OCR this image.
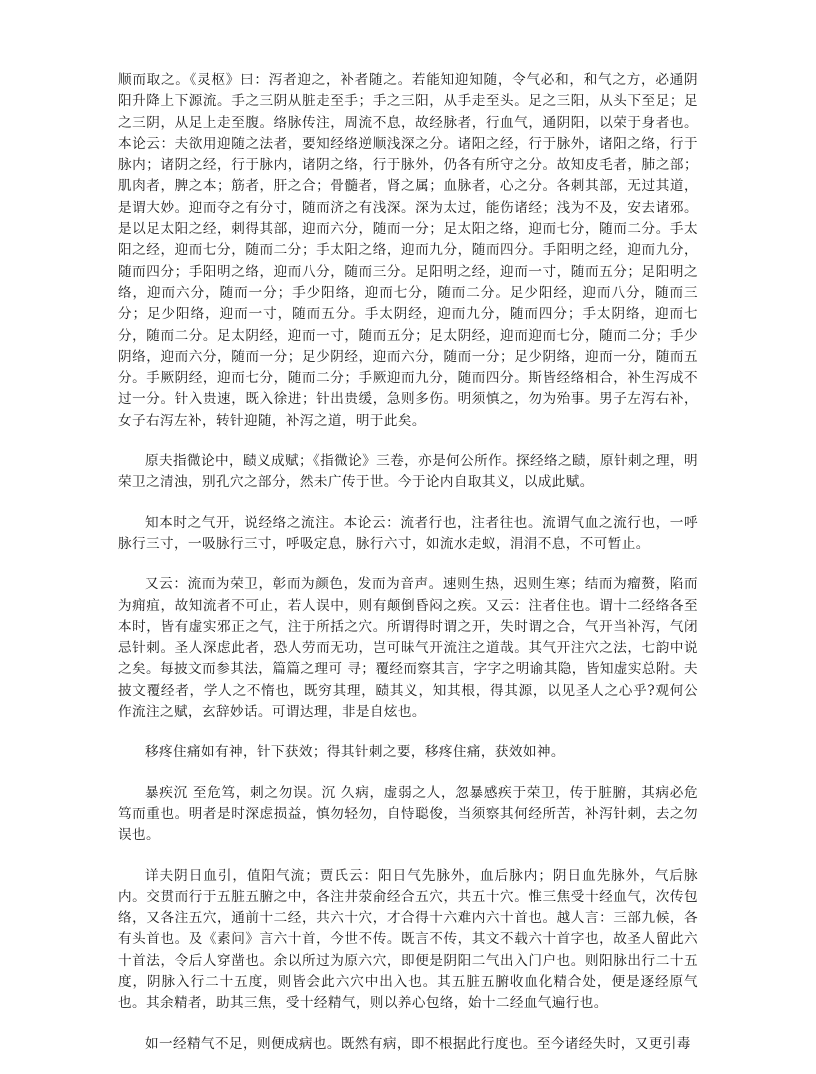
顺而取之。《灵枢》曰：泻者迎之，补者随之。若能知迎知随，令气必和，和气之方，必通阴阳升降上下源流。手之三阴从脏走至手；手之三阳，从手走至头。足之三阳，从头下至足；足之三阴，从足上走至腹。络脉传注，周流不息，故经脉者，行血气，通阴阳，以荣于身者也。本论云：夫欲用迎随之法者，要知经络逆顺浅深之分。诸阳之经，行于脉外，诸阳之络，行于脉内；诸阴之经，行于脉内，诸阴之络，行于脉外，仍各有所守之分。故知皮毛者，肺之部；肌肉者，脾之本；筋者，肝之合；骨髓者，肾之属；血脉者，心之分。各刺其部，无过其道，是谓大妙。迎而夺之有分寸，随而济之有浅深。深为太过，能伤诸经；浅为不及，安去诸邪。是以足太阳之经，刺得其部，迎而六分，随而一分；足太阳之络，迎而七分，随而二分。手太阳之经，迎而七分，随而二分；手太阳之络，迎而九分，随而四分。手阳明之经，迎而九分，随而四分；手阳明之络，迎而八分，随而三分。足阳明之经，迎而一寸，随而五分；足阳明之络，迎而六分，随而一分；手少阳络，迎而七分，随而二分。足少阳经，迎而八分，随而三分；足少阳络，迎而一寸，随而五分。手太阴经，迎而九分，随而四分；手太阴络，迎而七分，随而二分。足太阴经，迎而一寸，随而五分；足太阴经，迎而迎而七分，随而二分；手少阴络，迎而六分，随而一分；足少阴经，迎而六分，随而一分；足少阴络，迎而一分，随而五分。手厥阴经，迎而七分，随而二分；手厥迎而九分，随而四分。斯皆经络相合，补生泻成不过一分。针入贵速，既入徐进；针出贵缓，急则多伤。明须慎之，勿为殆事。男子左泻右补，女子右泻左补，转针迎随，补泻之道，明于此矣。

原夫指微论中，赜义成赋；《指微论》三卷，亦是何公所作。探经络之赜，原针刺之理，明荣卫之清浊，别孔穴之部分，然未广传于世。今于论内自取其义，以成此赋。

知本时之气开，说经络之流注。本论云：流者行也，注者往也。流谓气血之流行也，一呼脉行三寸，一吸脉行三寸，呼吸定息，脉行六寸，如流水走蚁，涓涓不息，不可暂止。

又云：流而为荣卫，彰而为颜色，发而为音声。速则生热，迟则生寒；结而为瘤赘，陷而为痈疽，故知流者不可止，若人误中，则有颠倒昏闷之疾。又云：注者住也。谓十二经络各至本时，皆有虚实邪正之气，注于所括之穴。所谓得时谓之开，失时谓之合，气开当补泻，气闭忌针刺。圣人深虑此者，恐人劳而无功，岂可昧气开流注之道哉。其气开注穴之法，七韵中说之矣。每披文而参其法，篇篇之理可 寻；覆经而察其言，字字之明谕其隐，皆知虚实总附。夫披文覆经者，学人之不惰也，既穷其理，赜其义，知其根，得其源，以见圣人之心乎?观何公作流注之赋，玄辞妙话。可谓达理，非是自炫也。

移疼住痛如有神，针下获效；得其针刺之要，移疼住痛，获效如神。

暴疾沉 至危笃，刺之勿误。沉 久病，虚弱之人，忽暴感疾于荣卫，传于脏腑，其病必危笃而重也。明者是时深虑损益，慎勿轻勿，自恃聪俊，当须察其何经所苦，补泻针刺，去之勿误也。

详夫阴日血引，值阳气流；贾氏云：阳日气先脉外，血后脉内；阴日血先脉外，气后脉内。交贯而行于五脏五腑之中，各注井荥俞经合五穴，共五十穴。惟三焦受十经血气，次传包络，又各注五穴，通前十二经，共六十穴，才合得十六难内六十首也。越人言：三部九候，各有头首也。及《素问》言六十首，今世不传。既言不传，其文不载六十首字也，故圣人留此六十首法，令后人穿凿也。余以所过为原六穴，即便是阴阳二气出入门户也。则阳脉出行二十五度，阴脉入行二十五度，则皆会此六穴中出入也。其五脏五腑收血化精合处，便是逐经原气也。其余精者，助其三焦，受十经精气，则以养心包络，始十二经血气遍行也。

如一经精气不足，则便成病也。既然有病，即不根据此行度也。至今诸经失时，又更引毒
